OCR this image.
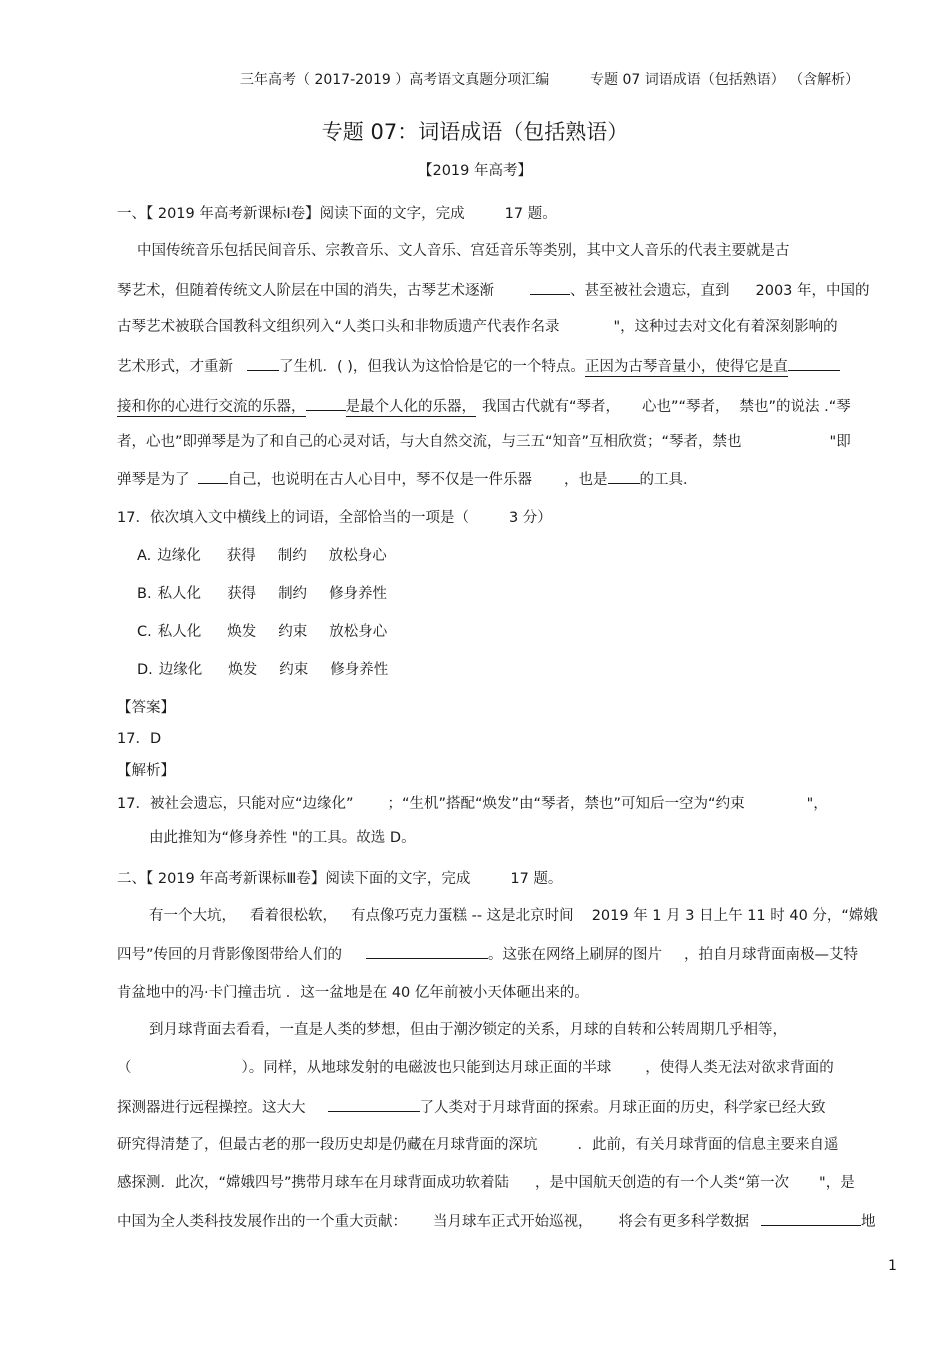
三年高考（ 2017-2019 ）高考语文真题分项汇编	专题 07 词语成语（包括熟语） （含解析）
专题 07：词语成语（包括熟语）
【2019 年高考】
一、【 2019 年高考新课标Ⅰ卷】阅读下面的文字，完成	17 题。
中国传统音乐包括民间音乐、宗教音乐、文人音乐、宫廷音乐等类别，其中文人音乐的代表主要就是古
琴艺术，但随着传统文人阶层在中国的消失，古琴艺术逐渐	、甚至被社会遗忘，直到 2003 年，中国的
古琴艺术被联合国教科文组织列入“人类口头和非物质遗产代表作名录	"，这种过去对文化有着深刻影响的
艺术形式，才重新	了生机．( )，但我认为这恰恰是它的一个特点。正因为古琴音量小，使得它是直
接和你的心进行交流的乐器，	是最个人化的乐器， 我国古代就有“琴者， 心也”“琴者， 禁也”的说法 .“琴
者，心也”即弹琴是为了和自己的心灵对话，与大自然交流，与三五“知音”互相欣赏；“琴者，禁也	"即
弹琴是为了	自己，也说明在古人心目中，琴不仅是一件乐器 ，也是 的工具．
17．依次填入文中横线上的词语，全部恰当的一项是（	3 分）
A. 边缘化 获得 制约 放松身心
B. 私人化 获得 制约 修身养性
C. 私人化 焕发 约束 放松身心
D. 边缘化 焕发 约束 修身养性
【答案】
17．D
【解析】
17．被社会遗忘，只能对应“边缘化” ；“生机”搭配“焕发”由“琴者，禁也”可知后一空为“约束	"，
由此推知为“修身养性 "的工具。故选 D。
二、【 2019 年高考新课标Ⅲ卷】阅读下面的文字，完成	17 题。
有一个大坑， 看着很松软， 有点像巧克力蛋糕 -- 这是北京时间 2019 年 1 月 3 日上午 11 时 40 分，“嫦娥
四号”传回的月背影像图带给人们的	。这张在网络上刷屏的图片 ，拍自月球背面南极—艾特
肯盆地中的冯·卡门撞击坑 ．这一盆地是在 40 亿年前被小天体砸出来的。
到月球背面去看看，一直是人类的梦想，但由于潮汐锁定的关系，月球的自转和公转周期几乎相等，
（	）。同样，从地球发射的电磁波也只能到达月球正面的半球 ，使得人类无法对欲求背面的
探测器进行远程操控。这大大	了人类对于月球背面的探索。月球正面的历史，科学家已经大致
研究得清楚了，但最古老的那一段历史却是仍藏在月球背面的深坑	．此前，有关月球背面的信息主要来自遥
感探测．此次，“嫦娥四号”携带月球车在月球背面成功软着陆 ，是中国航天创造的有一个人类“第一次 "，是
中国为全人类科技发展作出的一个重大贡献： 当月球车正式开始巡视， 将会有更多科学数据	地
1
